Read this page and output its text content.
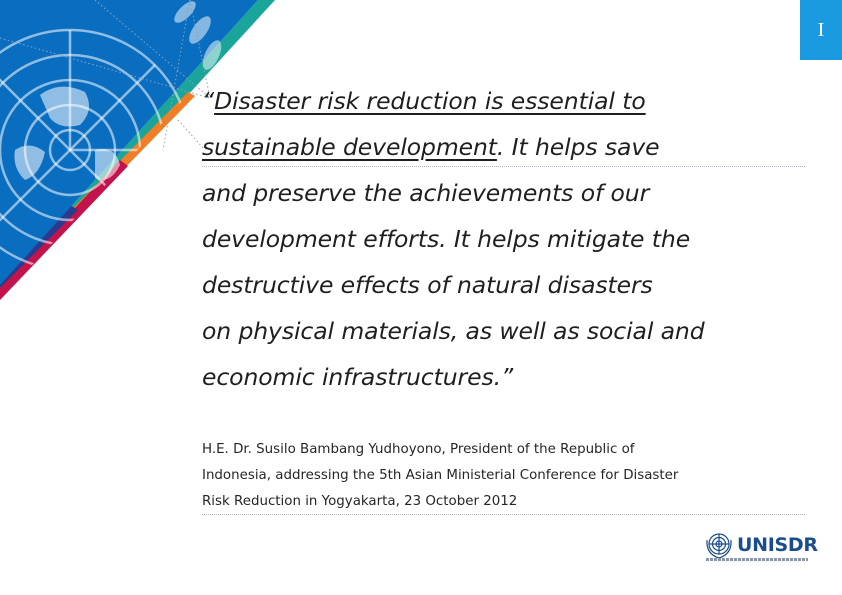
I

“Disaster risk reduction is essential to
sustainable development. It helps save
and preserve the achievements of our
development efforts. It helps mitigate the
destructive effects of natural disasters
on physical materials, as well as social and
economic infrastructures.”

H.E. Dr. Susilo Bambang Yudhoyono, President of the Republic of
Indonesia, addressing the 5th Asian Ministerial Conference for Disaster
Risk Reduction in Yogyakarta, 23 October 2012

UNISDR
